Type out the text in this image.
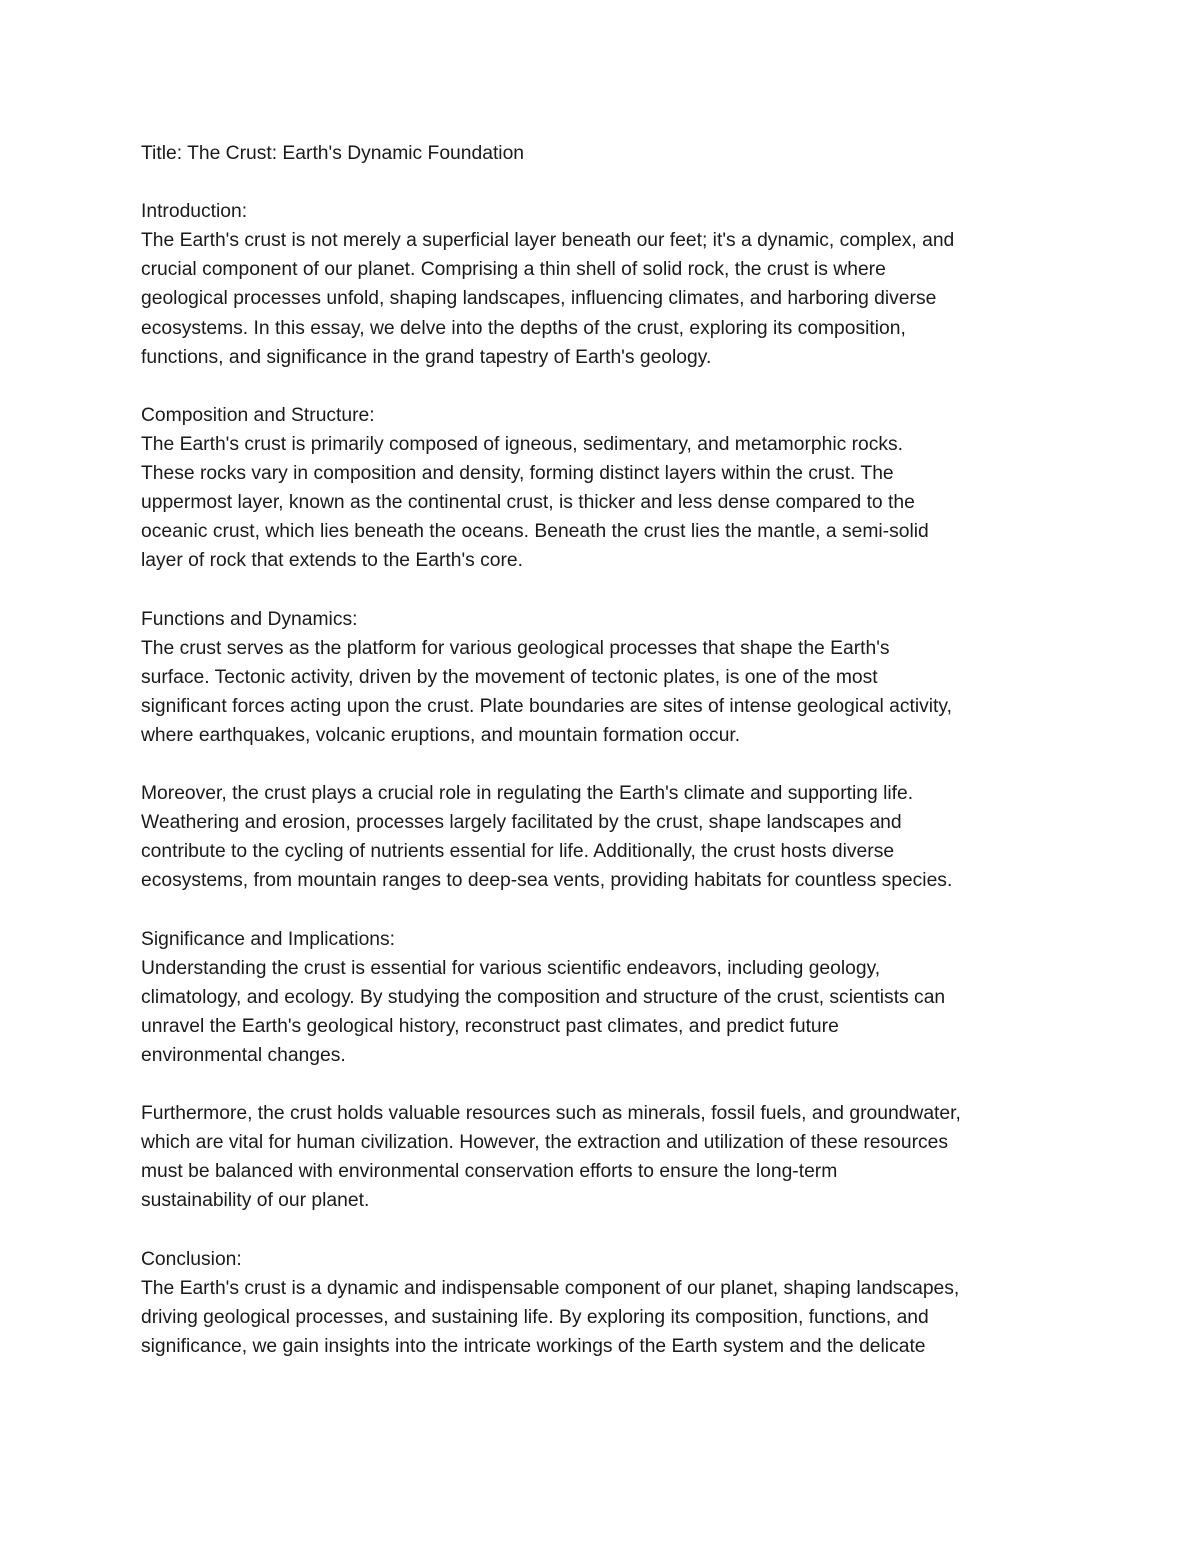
Title: The Crust: Earth's Dynamic Foundation
Introduction:
The Earth's crust is not merely a superficial layer beneath our feet; it's a dynamic, complex, and
crucial component of our planet. Comprising a thin shell of solid rock, the crust is where
geological processes unfold, shaping landscapes, influencing climates, and harboring diverse
ecosystems. In this essay, we delve into the depths of the crust, exploring its composition,
functions, and significance in the grand tapestry of Earth's geology.
Composition and Structure:
The Earth's crust is primarily composed of igneous, sedimentary, and metamorphic rocks.
These rocks vary in composition and density, forming distinct layers within the crust. The
uppermost layer, known as the continental crust, is thicker and less dense compared to the
oceanic crust, which lies beneath the oceans. Beneath the crust lies the mantle, a semi-solid
layer of rock that extends to the Earth's core.
Functions and Dynamics:
The crust serves as the platform for various geological processes that shape the Earth's
surface. Tectonic activity, driven by the movement of tectonic plates, is one of the most
significant forces acting upon the crust. Plate boundaries are sites of intense geological activity,
where earthquakes, volcanic eruptions, and mountain formation occur.
Moreover, the crust plays a crucial role in regulating the Earth's climate and supporting life.
Weathering and erosion, processes largely facilitated by the crust, shape landscapes and
contribute to the cycling of nutrients essential for life. Additionally, the crust hosts diverse
ecosystems, from mountain ranges to deep-sea vents, providing habitats for countless species.
Significance and Implications:
Understanding the crust is essential for various scientific endeavors, including geology,
climatology, and ecology. By studying the composition and structure of the crust, scientists can
unravel the Earth's geological history, reconstruct past climates, and predict future
environmental changes.
Furthermore, the crust holds valuable resources such as minerals, fossil fuels, and groundwater,
which are vital for human civilization. However, the extraction and utilization of these resources
must be balanced with environmental conservation efforts to ensure the long-term
sustainability of our planet.
Conclusion:
The Earth's crust is a dynamic and indispensable component of our planet, shaping landscapes,
driving geological processes, and sustaining life. By exploring its composition, functions, and
significance, we gain insights into the intricate workings of the Earth system and the delicate
